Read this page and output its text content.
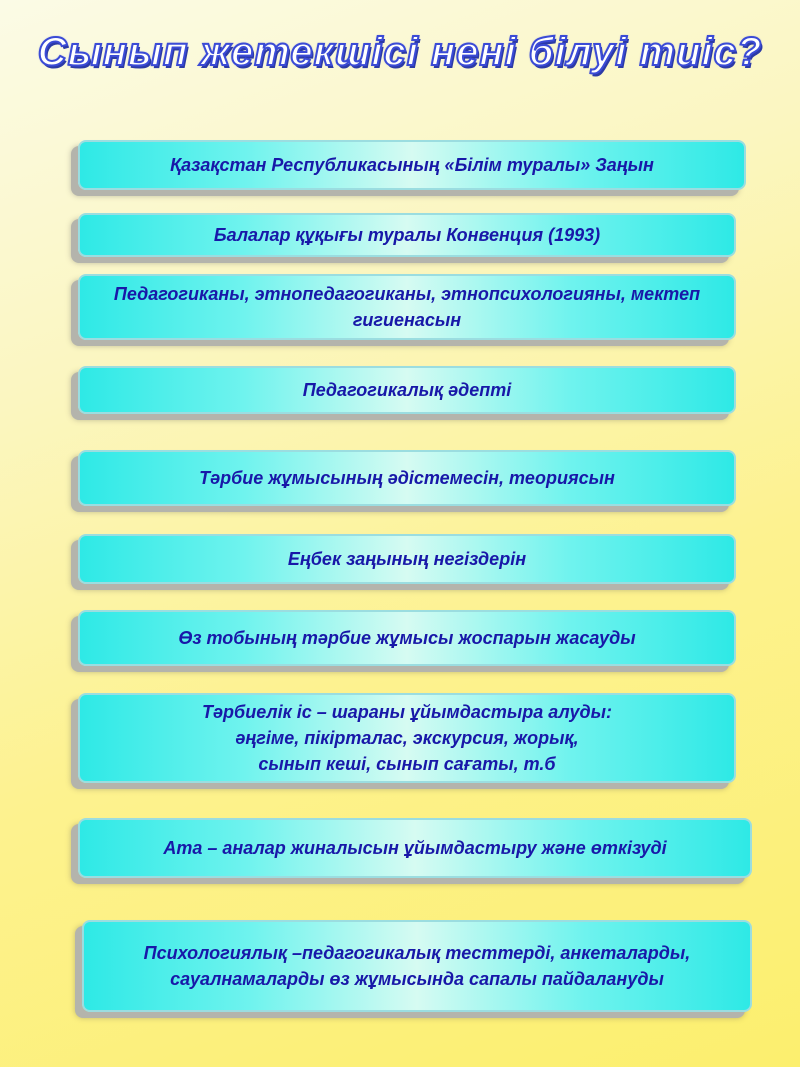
Сынып жетекшісі нені білуі тиіс?
Қазақстан Республикасының «Білім туралы» Заңын
Балалар құқығы туралы Конвенция (1993)
Педагогиканы, этнопедагогиканы, этнопсихологияны, мектеп гигиенасын
Педагогикалық әдепті
Тәрбие жұмысының әдістемесін, теориясын
Еңбек заңының негіздерін
Өз тобының тәрбие жұмысы жоспарын жасауды
Тәрбиелік іс – шараны ұйымдастыра алуды:
әңгіме, пікірталас, экскурсия, жорық,
сынып кеші, сынып сағаты, т.б
Ата – аналар жиналысын ұйымдастыру және өткізуді
Психологиялық –педагогикалық тесттерді, анкеталарды, сауалнамаларды өз жұмысында сапалы пайдалануды
